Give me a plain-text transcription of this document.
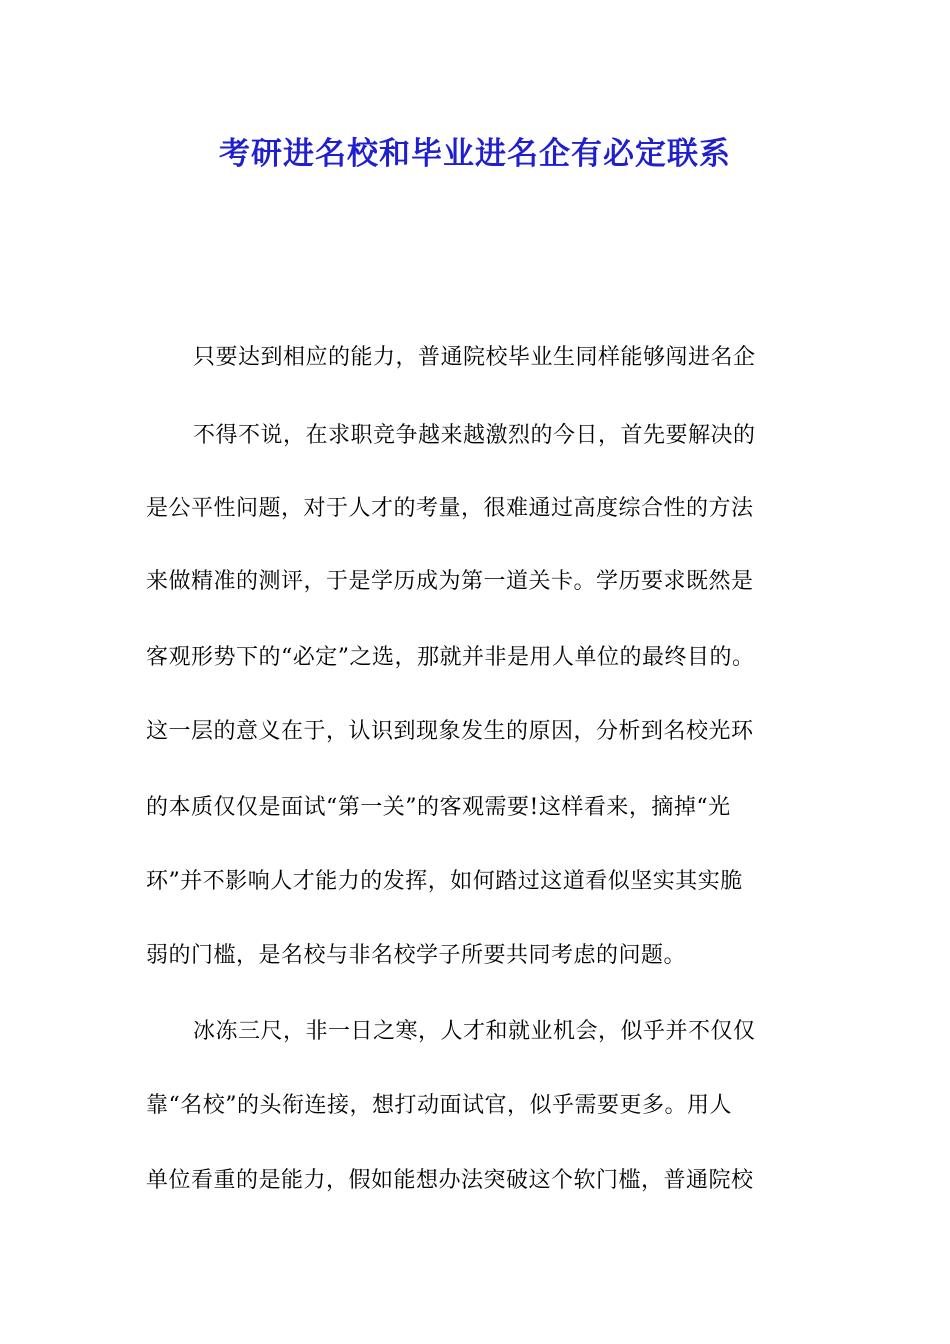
考研进名校和毕业进名企有必定联系
只要达到相应的能力，普通院校毕业生同样能够闯进名企
不得不说，在求职竞争越来越激烈的今日，首先要解决的
是公平性问题，对于人才的考量，很难通过高度综合性的方法
来做精准的测评，于是学历成为第一道关卡。学历要求既然是
客观形势下的“必定”之选，那就并非是用人单位的最终目的。
这一层的意义在于，认识到现象发生的原因，分析到名校光环
的本质仅仅是面试“第一关”的客观需要!这样看来，摘掉“光
环”并不影响人才能力的发挥，如何踏过这道看似坚实其实脆
弱的门槛，是名校与非名校学子所要共同考虑的问题。
冰冻三尺，非一日之寒，人才和就业机会，似乎并不仅仅
靠“名校”的头衔连接，想打动面试官，似乎需要更多。用人
单位看重的是能力，假如能想办法突破这个软门槛，普通院校
